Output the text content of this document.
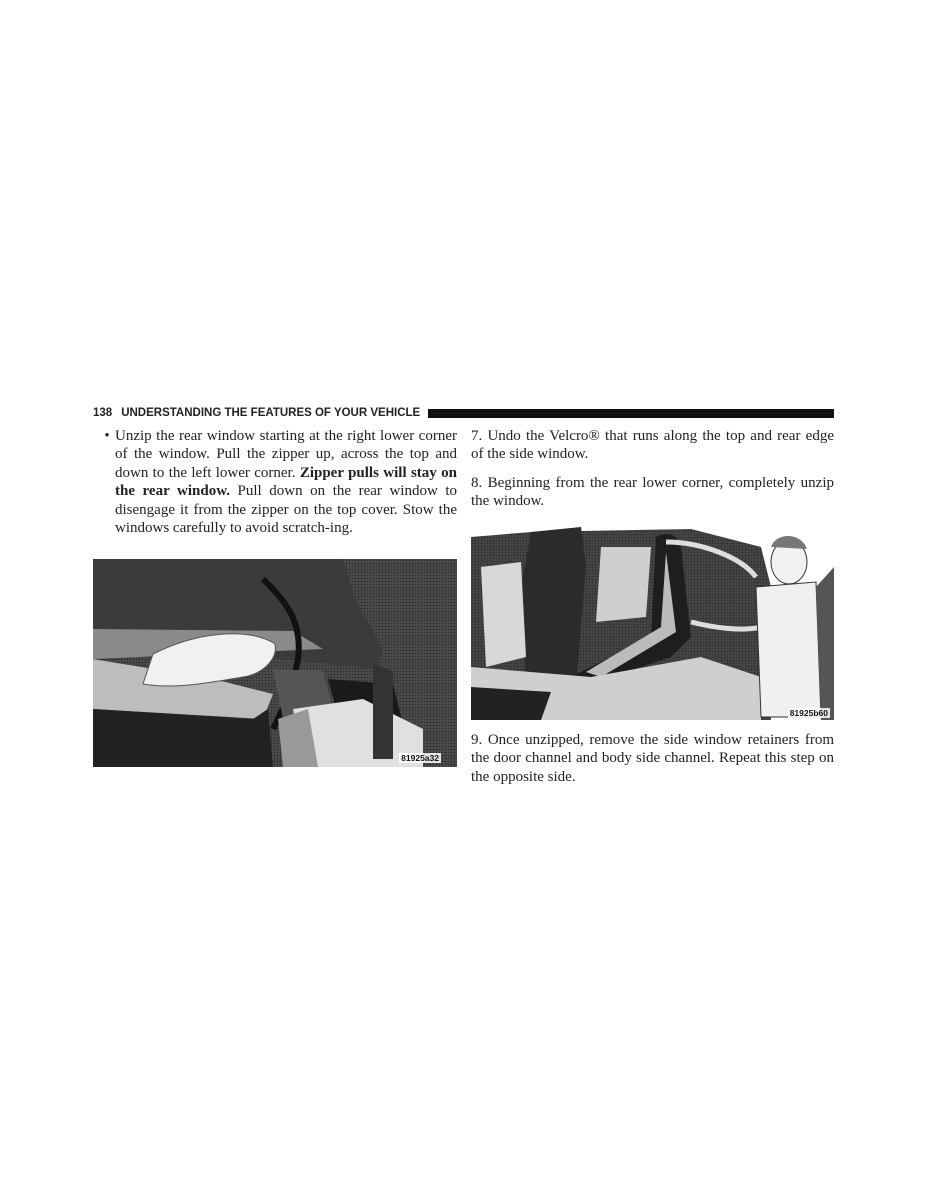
138 UNDERSTANDING THE FEATURES OF YOUR VEHICLE
• Unzip the rear window starting at the right lower corner of the window. Pull the zipper up, across the top and down to the left lower corner. Zipper pulls will stay on the rear window. Pull down on the rear window to disengage it from the zipper on the top cover. Stow the windows carefully to avoid scratch-ing.
81925a32

7. Undo the Velcro® that runs along the top and rear edge of the side window.

8. Beginning from the rear lower corner, completely unzip the window.

81925b60

9. Once unzipped, remove the side window retainers from the door channel and body side channel. Repeat this step on the opposite side.
